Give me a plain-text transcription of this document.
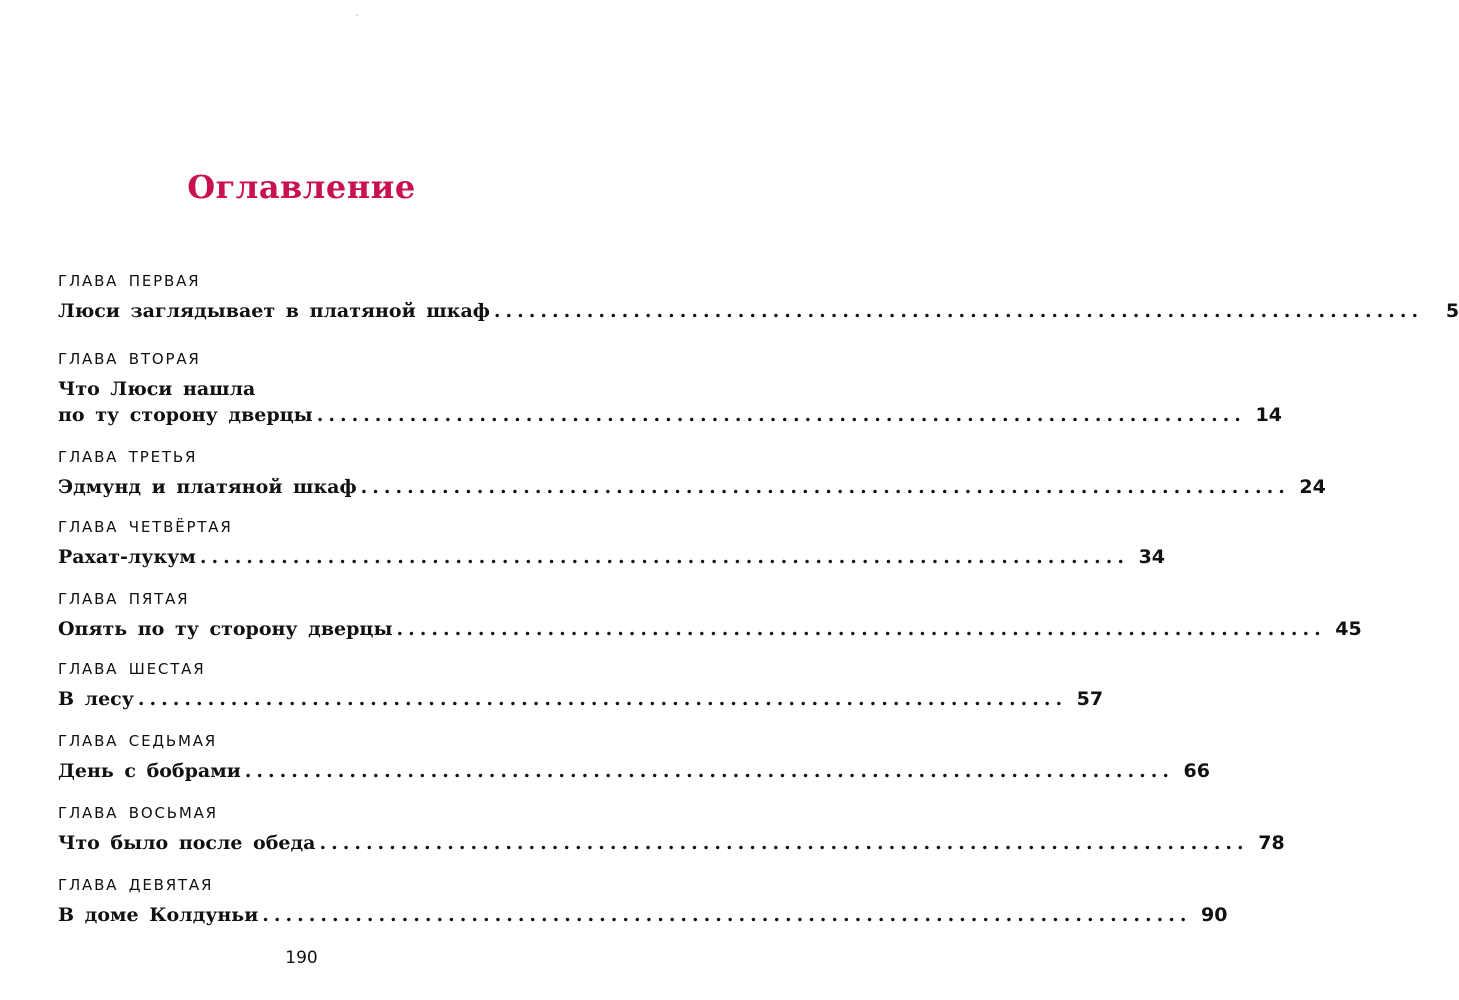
Оглавление
ГЛАВА ПЕРВАЯ
Люси заглядывает в платяной шкаф ................................................................................	5
ГЛАВА ВТОРАЯ
Что Люси нашла
по ту сторону дверцы ................................................................................ 14
ГЛАВА ТРЕТЬЯ
Эдмунд и платяной шкаф ................................................................................ 24
ГЛАВА ЧЕТВЁРТАЯ
Рахат-лукум ................................................................................ 34
ГЛАВА ПЯТАЯ
Опять по ту сторону дверцы ................................................................................ 45
ГЛАВА ШЕСТАЯ
В лесу ................................................................................ 57
ГЛАВА СЕДЬМАЯ
День с бобрами ................................................................................ 66
ГЛАВА ВОСЬМАЯ
Что было после обеда ................................................................................ 78
ГЛАВА ДЕВЯТАЯ
В доме Колдуньи ................................................................................ 90
190
